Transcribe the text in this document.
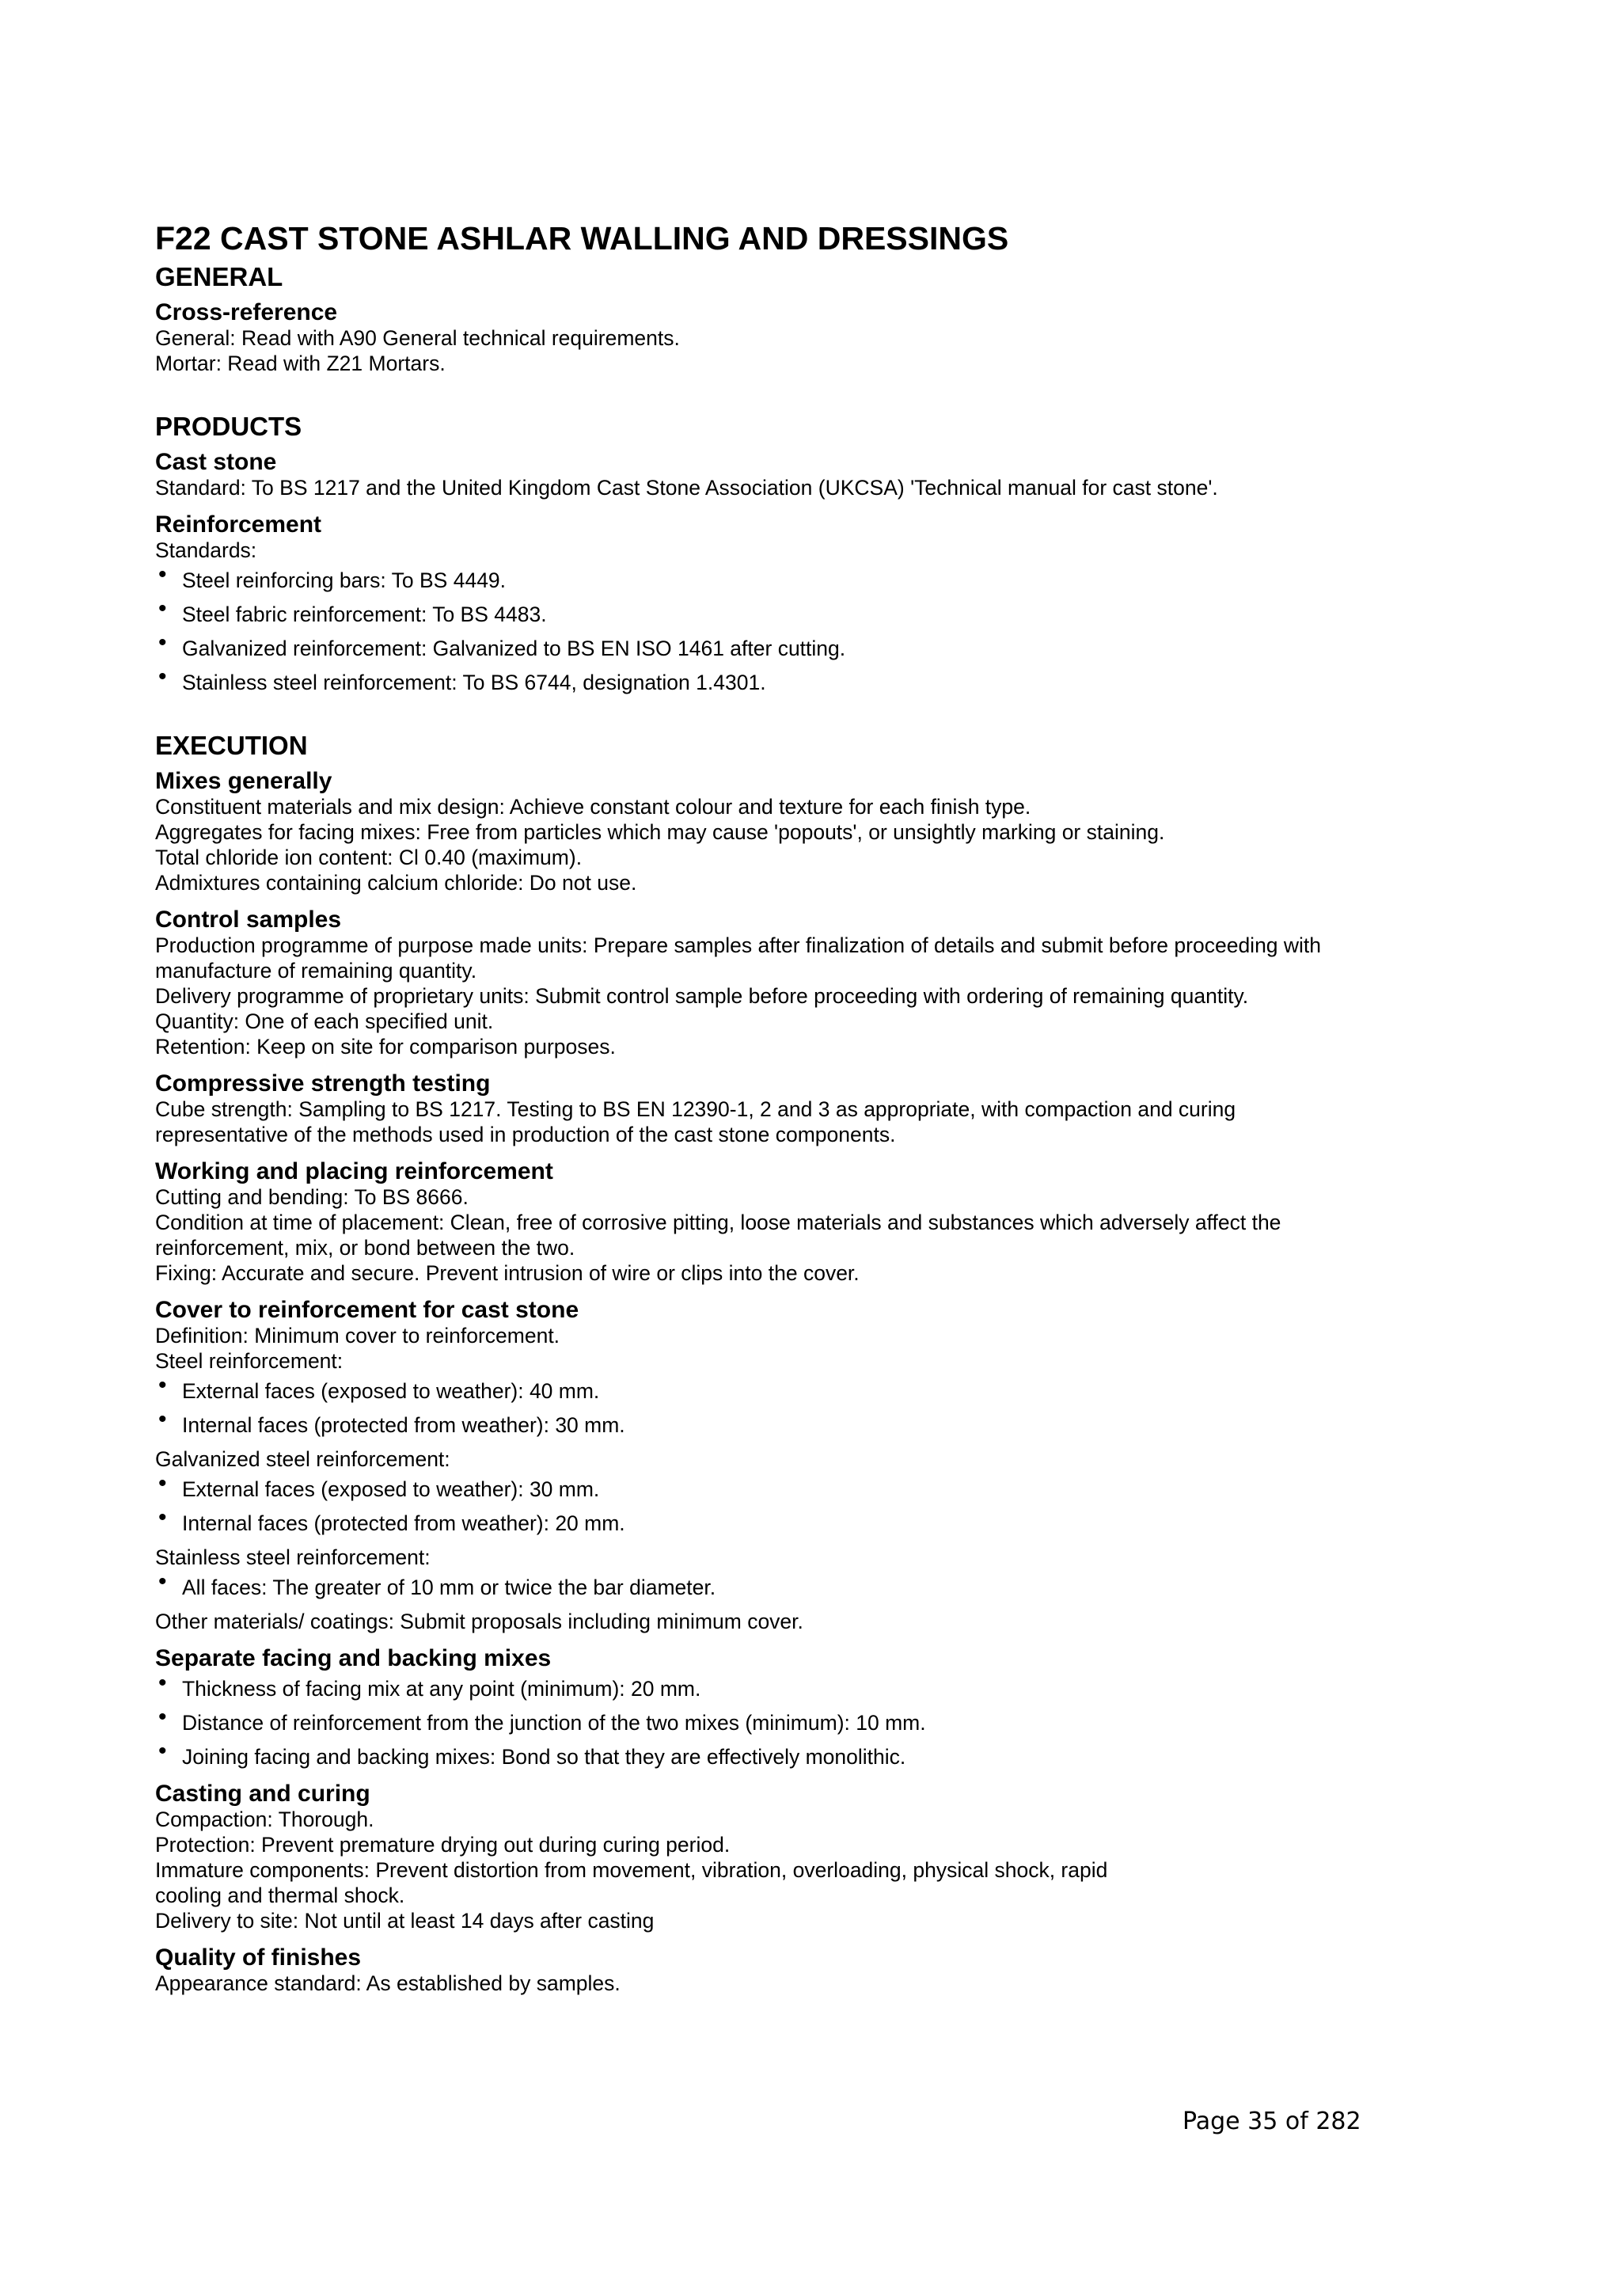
F22 CAST STONE ASHLAR WALLING AND DRESSINGS
GENERAL
Cross-reference

General: Read with A90 General technical requirements.

Mortar: Read with Z21 Mortars.

PRODUCTS
Cast stone

Standard: To BS 1217 and the United Kingdom Cast Stone Association (UKCSA) 'Technical manual for cast stone'.

Reinforcement

Standards:

• Steel reinforcing bars: To BS 4449.
• Steel fabric reinforcement: To BS 4483.
• Galvanized reinforcement: Galvanized to BS EN ISO 1461 after cutting.
• Stainless steel reinforcement: To BS 6744, designation 1.4301.
EXECUTION
Mixes generally

Constituent materials and mix design: Achieve constant colour and texture for each finish type.

Aggregates for facing mixes: Free from particles which may cause 'popouts', or unsightly marking or staining.

Total chloride ion content: Cl 0.40 (maximum).

Admixtures containing calcium chloride: Do not use.

Control samples

Production programme of purpose made units: Prepare samples after finalization of details and submit before proceeding with
manufacture of remaining quantity.

Delivery programme of proprietary units: Submit control sample before proceeding with ordering of remaining quantity.

Quantity: One of each specified unit.

Retention: Keep on site for comparison purposes.

Compressive strength testing

Cube strength: Sampling to BS 1217. Testing to BS EN 12390-1, 2 and 3 as appropriate, with compaction and curing
representative of the methods used in production of the cast stone components.

Working and placing reinforcement

Cutting and bending: To BS 8666.

Condition at time of placement: Clean, free of corrosive pitting, loose materials and substances which adversely affect the
reinforcement, mix, or bond between the two.

Fixing: Accurate and secure. Prevent intrusion of wire or clips into the cover.

Cover to reinforcement for cast stone

Definition: Minimum cover to reinforcement.

Steel reinforcement:

• External faces (exposed to weather): 40 mm.
• Internal faces (protected from weather): 30 mm.

Galvanized steel reinforcement:

• External faces (exposed to weather): 30 mm.
• Internal faces (protected from weather): 20 mm.

Stainless steel reinforcement:

• All faces: The greater of 10 mm or twice the bar diameter.

Other materials/ coatings: Submit proposals including minimum cover.

Separate facing and backing mixes
• Thickness of facing mix at any point (minimum): 20 mm.
• Distance of reinforcement from the junction of the two mixes (minimum): 10 mm.
• Joining facing and backing mixes: Bond so that they are effectively monolithic.
Casting and curing

Compaction: Thorough.

Protection: Prevent premature drying out during curing period.

Immature components: Prevent distortion from movement, vibration, overloading, physical shock, rapid
cooling and thermal shock.

Delivery to site: Not until at least 14 days after casting

Quality of finishes

Appearance standard: As established by samples.

Page 35 of 282
